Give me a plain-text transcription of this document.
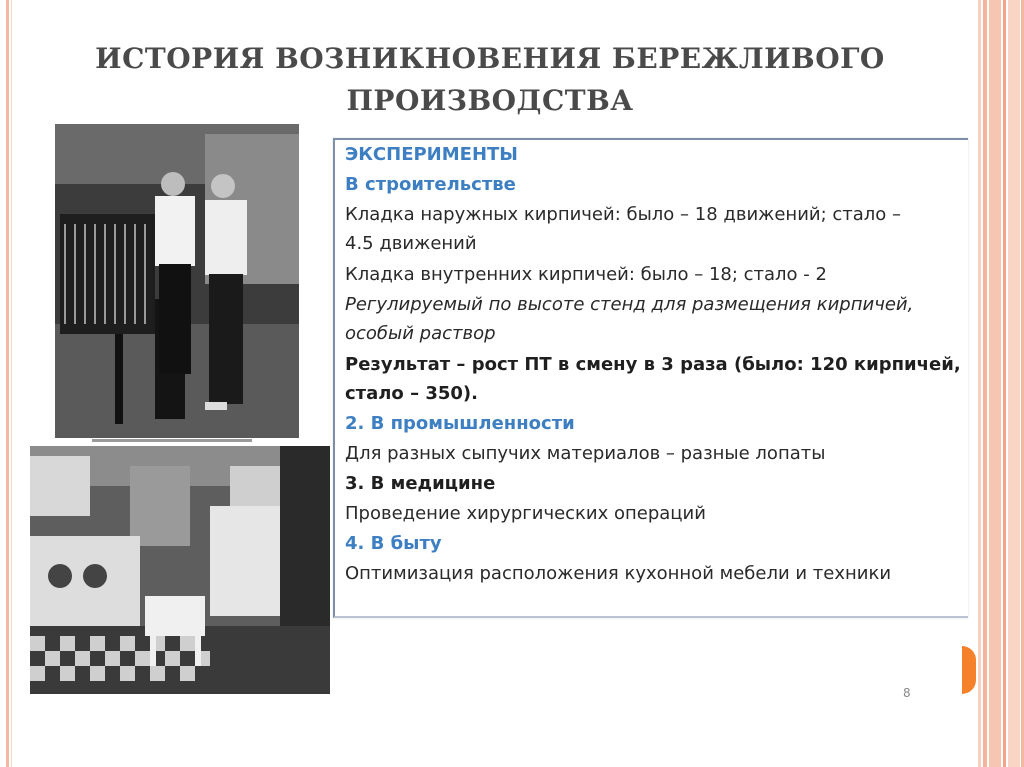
ИСТОРИЯ ВОЗНИКНОВЕНИЯ БЕРЕЖЛИВОГО
ПРОИЗВОДСТВА
ЭКСПЕРИМЕНТЫ
В строительстве
Кладка наружных кирпичей: было – 18 движений; стало –
4.5 движений
Кладка внутренних кирпичей: было – 18; стало - 2
Регулируемый по высоте стенд для размещения кирпичей,
особый раствор
Результат – рост ПТ в смену в 3 раза (было: 120 кирпичей,
стало – 350).
2. В промышленности
Для разных сыпучих материалов – разные лопаты
3. В медицине
Проведение хирургических операций
4. В быту
Оптимизация расположения кухонной мебели и техники
8
